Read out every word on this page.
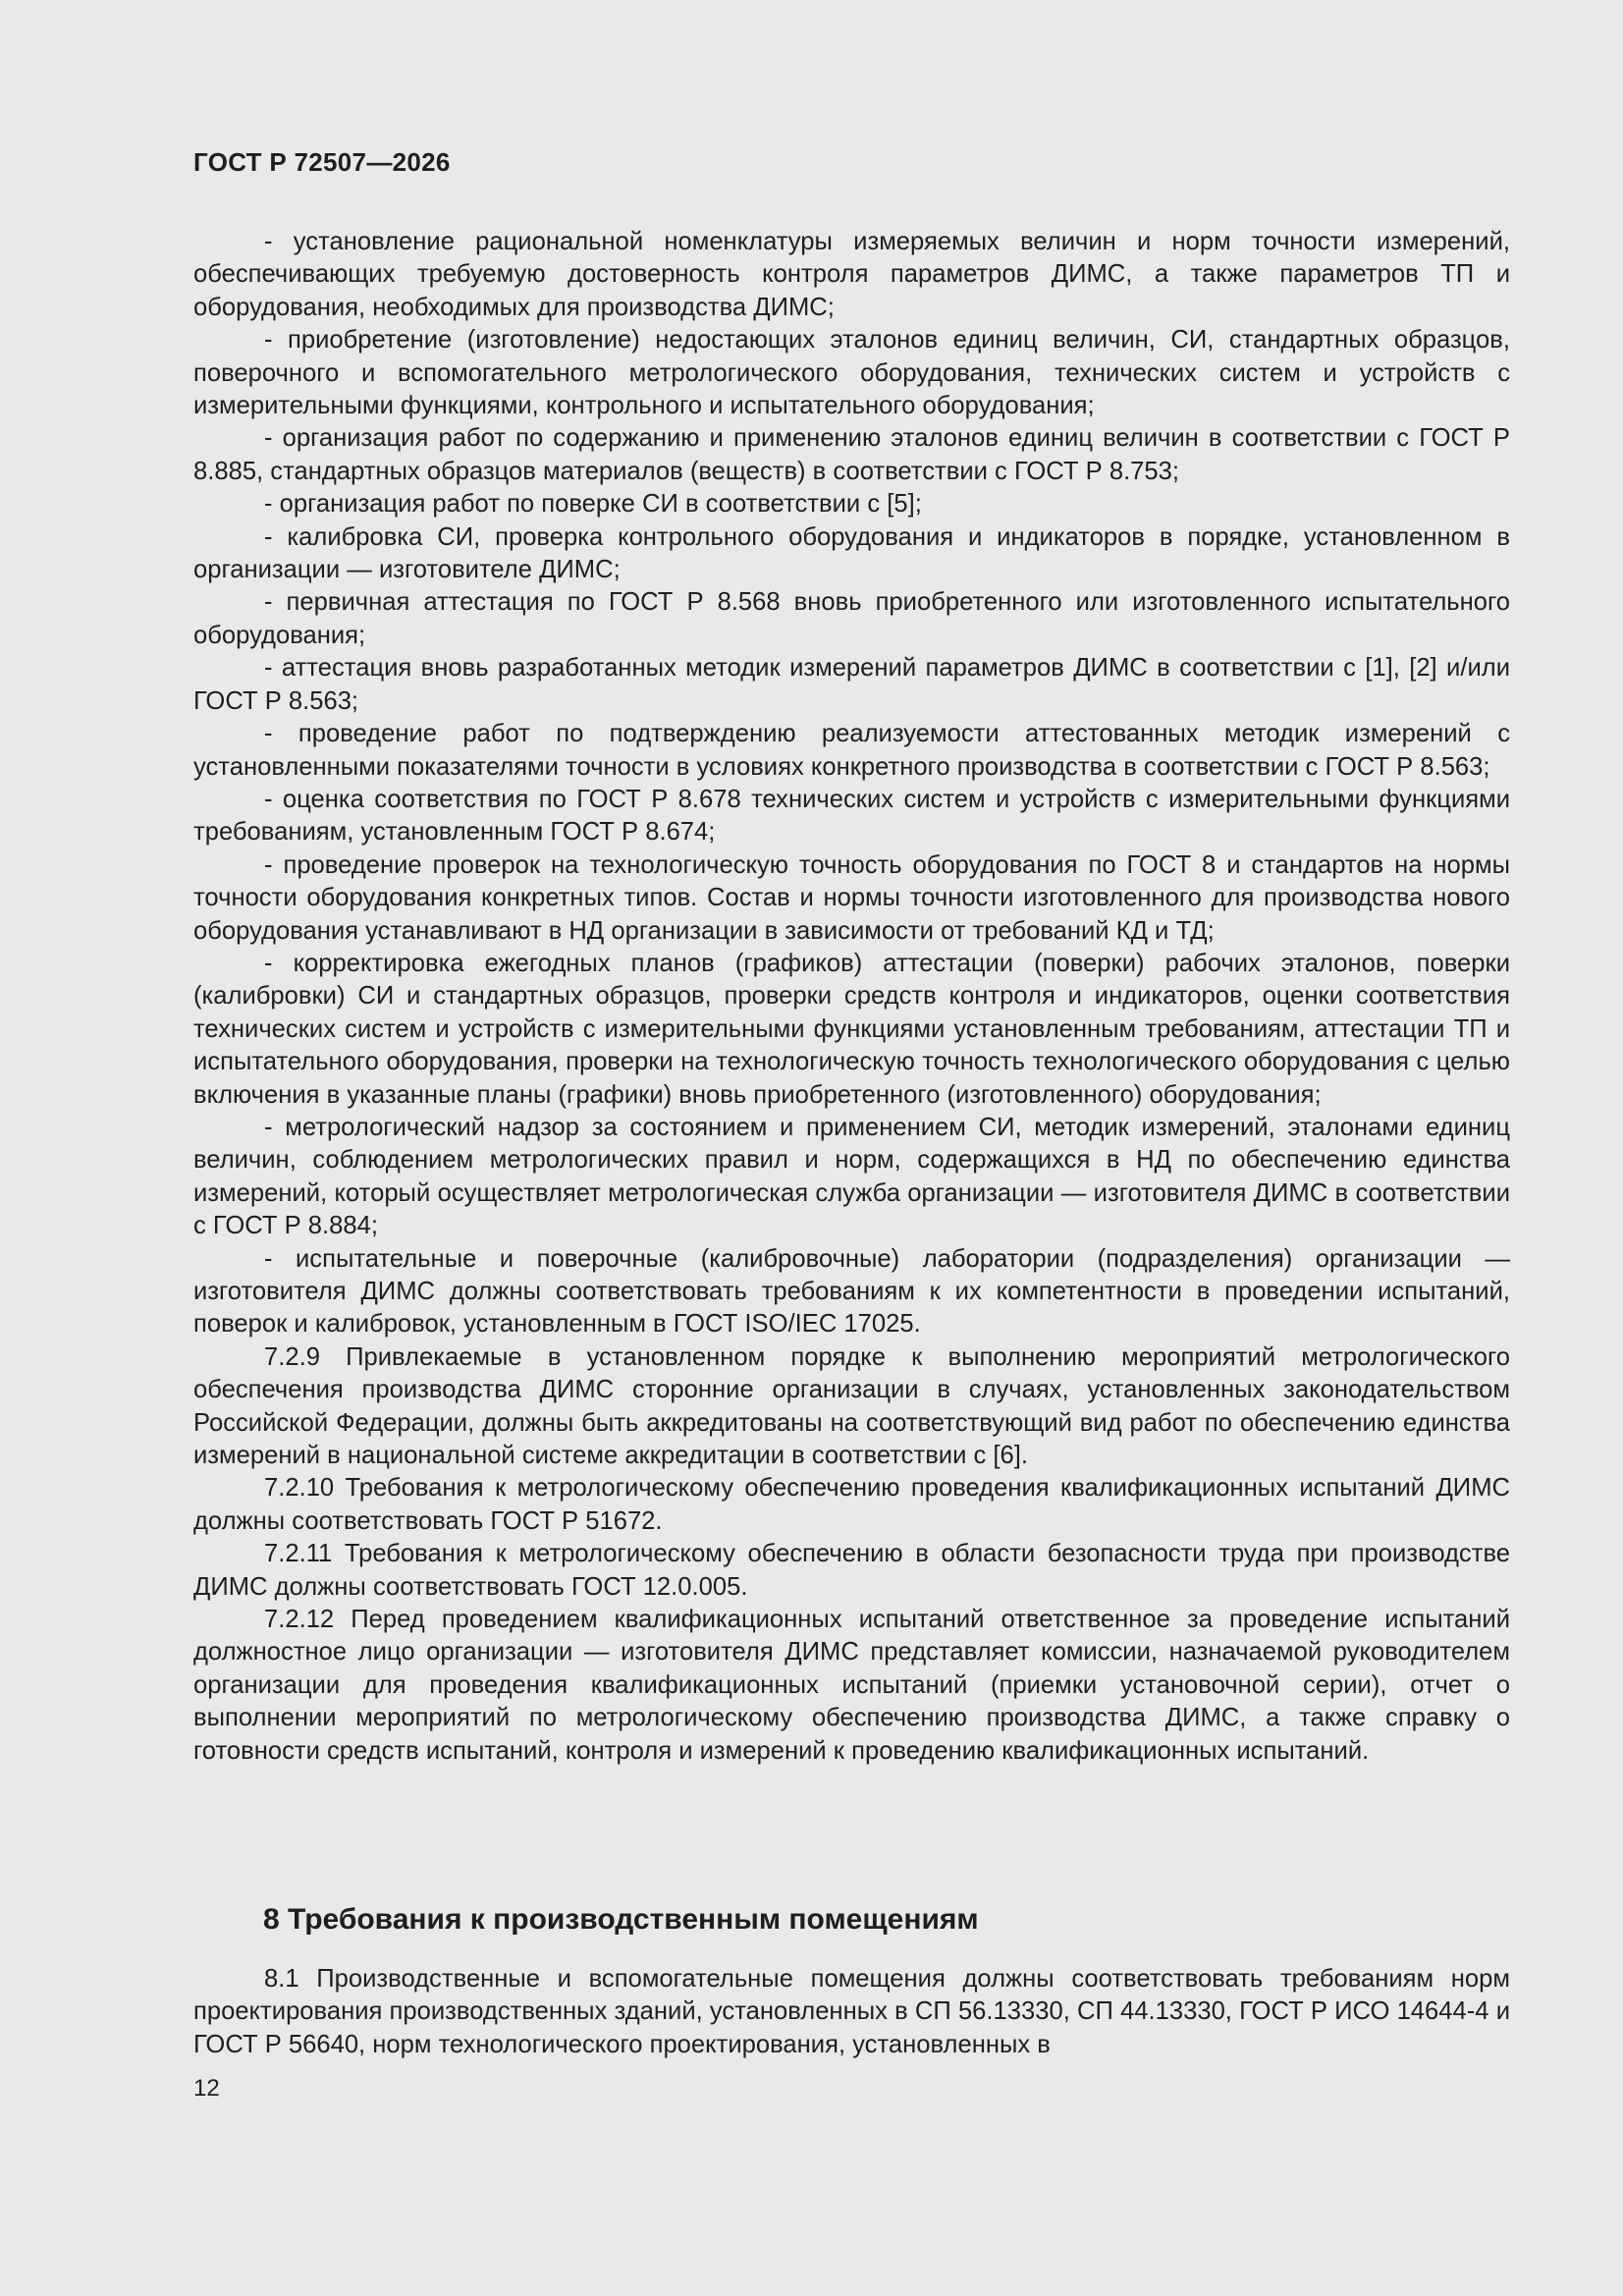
ГОСТ Р 72507—2026

- установление рациональной номенклатуры измеряемых величин и норм точности измерений, обеспечивающих требуемую достоверность контроля параметров ДИМС, а также параметров ТП и оборудования, необходимых для производства ДИМС;

- приобретение (изготовление) недостающих эталонов единиц величин, СИ, стандартных образцов, поверочного и вспомогательного метрологического оборудования, технических систем и устройств с измерительными функциями, контрольного и испытательного оборудования;

- организация работ по содержанию и применению эталонов единиц величин в соответствии с ГОСТ Р 8.885, стандартных образцов материалов (веществ) в соответствии с ГОСТ Р 8.753;

- организация работ по поверке СИ в соответствии с [5];

- калибровка СИ, проверка контрольного оборудования и индикаторов в порядке, установленном в организации — изготовителе ДИМС;

- первичная аттестация по ГОСТ Р 8.568 вновь приобретенного или изготовленного испытательного оборудования;

- аттестация вновь разработанных методик измерений параметров ДИМС в соответствии с [1], [2] и/или ГОСТ Р 8.563;

- проведение работ по подтверждению реализуемости аттестованных методик измерений с установленными показателями точности в условиях конкретного производства в соответствии с ГОСТ Р 8.563;

- оценка соответствия по ГОСТ Р 8.678 технических систем и устройств с измерительными функциями требованиям, установленным ГОСТ Р 8.674;

- проведение проверок на технологическую точность оборудования по ГОСТ 8 и стандартов на нормы точности оборудования конкретных типов. Состав и нормы точности изготовленного для производства нового оборудования устанавливают в НД организации в зависимости от требований КД и ТД;

- корректировка ежегодных планов (графиков) аттестации (поверки) рабочих эталонов, поверки (калибровки) СИ и стандартных образцов, проверки средств контроля и индикаторов, оценки соответствия технических систем и устройств с измерительными функциями установленным требованиям, аттестации ТП и испытательного оборудования, проверки на технологическую точность технологического оборудования с целью включения в указанные планы (графики) вновь приобретенного (изготовленного) оборудования;

- метрологический надзор за состоянием и применением СИ, методик измерений, эталонами единиц величин, соблюдением метрологических правил и норм, содержащихся в НД по обеспечению единства измерений, который осуществляет метрологическая служба организации — изготовителя ДИМС в соответствии с ГОСТ Р 8.884;

- испытательные и поверочные (калибровочные) лаборатории (подразделения) организации — изготовителя ДИМС должны соответствовать требованиям к их компетентности в проведении испытаний, поверок и калибровок, установленным в ГОСТ ISO/IEC 17025.

7.2.9 Привлекаемые в установленном порядке к выполнению мероприятий метрологического обеспечения производства ДИМС сторонние организации в случаях, установленных законодательством Российской Федерации, должны быть аккредитованы на соответствующий вид работ по обеспечению единства измерений в национальной системе аккредитации в соответствии с [6].

7.2.10 Требования к метрологическому обеспечению проведения квалификационных испытаний ДИМС должны соответствовать ГОСТ Р 51672.

7.2.11 Требования к метрологическому обеспечению в области безопасности труда при производстве ДИМС должны соответствовать ГОСТ 12.0.005.

7.2.12 Перед проведением квалификационных испытаний ответственное за проведение испытаний должностное лицо организации — изготовителя ДИМС представляет комиссии, назначаемой руководителем организации для проведения квалификационных испытаний (приемки установочной серии), отчет о выполнении мероприятий по метрологическому обеспечению производства ДИМС, а также справку о готовности средств испытаний, контроля и измерений к проведению квалификационных испытаний.

8 Требования к производственным помещениям

8.1 Производственные и вспомогательные помещения должны соответствовать требованиям норм проектирования производственных зданий, установленных в СП 56.13330, СП 44.13330, ГОСТ Р ИСО 14644-4 и ГОСТ Р 56640, норм технологического проектирования, установленных в

12
